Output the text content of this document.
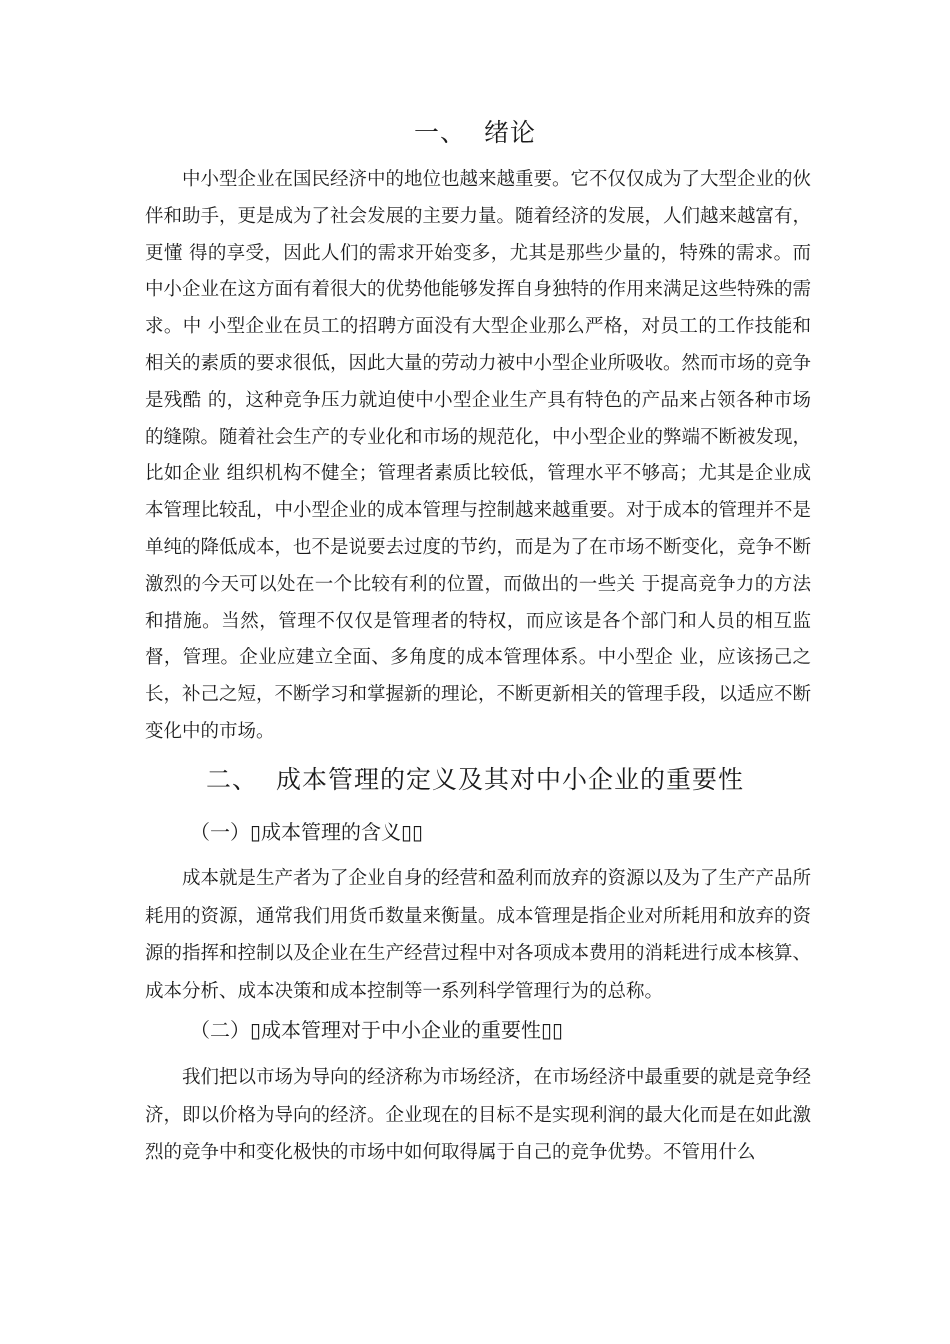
一、  绪论

中小型企业在国民经济中的地位也越来越重要。它不仅仅成为了大型企业的伙伴和助手，更是成为了社会发展的主要力量。随着经济的发展，人们越来越富有，更懂 得的享受，因此人们的需求开始变多，尤其是那些少量的，特殊的需求。而中小企业在这方面有着很大的优势他能够发挥自身独特的作用来满足这些特殊的需求。中 小型企业在员工的招聘方面没有大型企业那么严格，对员工的工作技能和相关的素质的要求很低，因此大量的劳动力被中小型企业所吸收。然而市场的竞争是残酷 的，这种竞争压力就迫使中小型企业生产具有特色的产品来占领各种市场的缝隙。随着社会生产的专业化和市场的规范化，中小型企业的弊端不断被发现，比如企业 组织机构不健全；管理者素质比较低，管理水平不够高；尤其是企业成本管理比较乱，中小型企业的成本管理与控制越来越重要。对于成本的管理并不是单纯的降低成本，也不是说要去过度的节约，而是为了在市场不断变化，竞争不断激烈的今天可以处在一个比较有利的位置，而做出的一些关 于提高竞争力的方法和措施。当然，管理不仅仅是管理者的特权，而应该是各个部门和人员的相互监督，管理。企业应建立全面、多角度的成本管理体系。中小型企 业，应该扬己之长，补己之短，不断学习和掌握新的理论，不断更新相关的管理手段，以适应不断变化中的市场。

二、  成本管理的定义及其对中小企业的重要性
（一）▯成本管理的含义▯▯

成本就是生产者为了企业自身的经营和盈利而放弃的资源以及为了生产产品所耗用的资源，通常我们用货币数量来衡量。成本管理是指企业对所耗用和放弃的资源的指挥和控制以及企业在生产经营过程中对各项成本费用的消耗进行成本核算、成本分析、成本决策和成本控制等一系列科学管理行为的总称。

（二）▯成本管理对于中小企业的重要性▯▯

我们把以市场为导向的经济称为市场经济，在市场经济中最重要的就是竞争经济，即以价格为导向的经济。企业现在的目标不是实现利润的最大化而是在如此激烈的竞争中和变化极快的市场中如何取得属于自己的竞争优势。不管用什么
